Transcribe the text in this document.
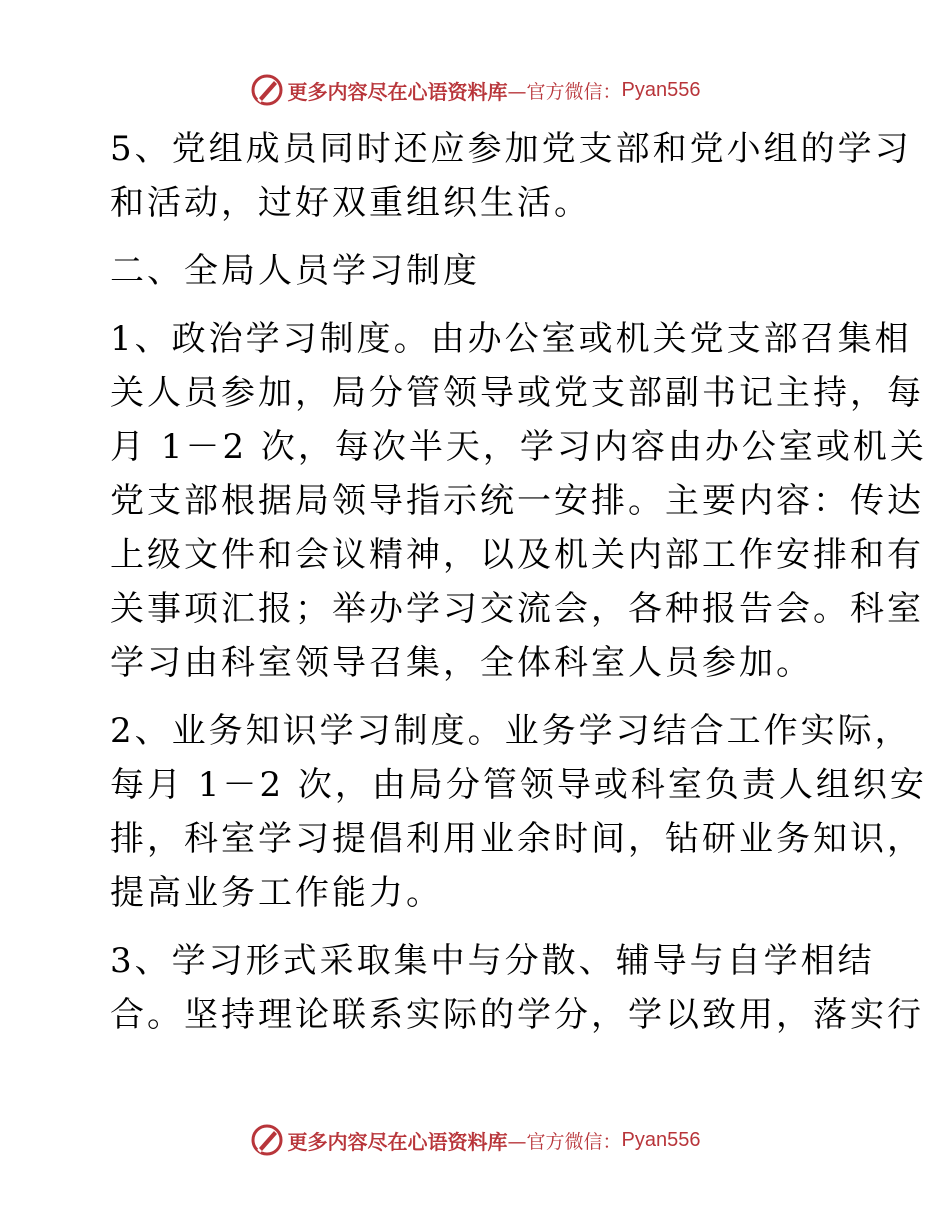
更多内容尽在心语资料库 —官方微信： Pyan556
5、党组成员同时还应参加党支部和党小组的学习
和活动，过好双重组织生活。
二、全局人员学习制度
1、政治学习制度。由办公室或机关党支部召集相
关人员参加，局分管领导或党支部副书记主持，每
月 1－2 次，每次半天，学习内容由办公室或机关
党支部根据局领导指示统一安排。主要内容：传达
上级文件和会议精神，以及机关内部工作安排和有
关事项汇报；举办学习交流会，各种报告会。科室
学习由科室领导召集，全体科室人员参加。
2、业务知识学习制度。业务学习结合工作实际，
每月 1－2 次，由局分管领导或科室负责人组织安
排，科室学习提倡利用业余时间，钻研业务知识，
提高业务工作能力。
3、学习形式采取集中与分散、辅导与自学相结
合。坚持理论联系实际的学分，学以致用，落实行
更多内容尽在心语资料库 —官方微信： Pyan556
